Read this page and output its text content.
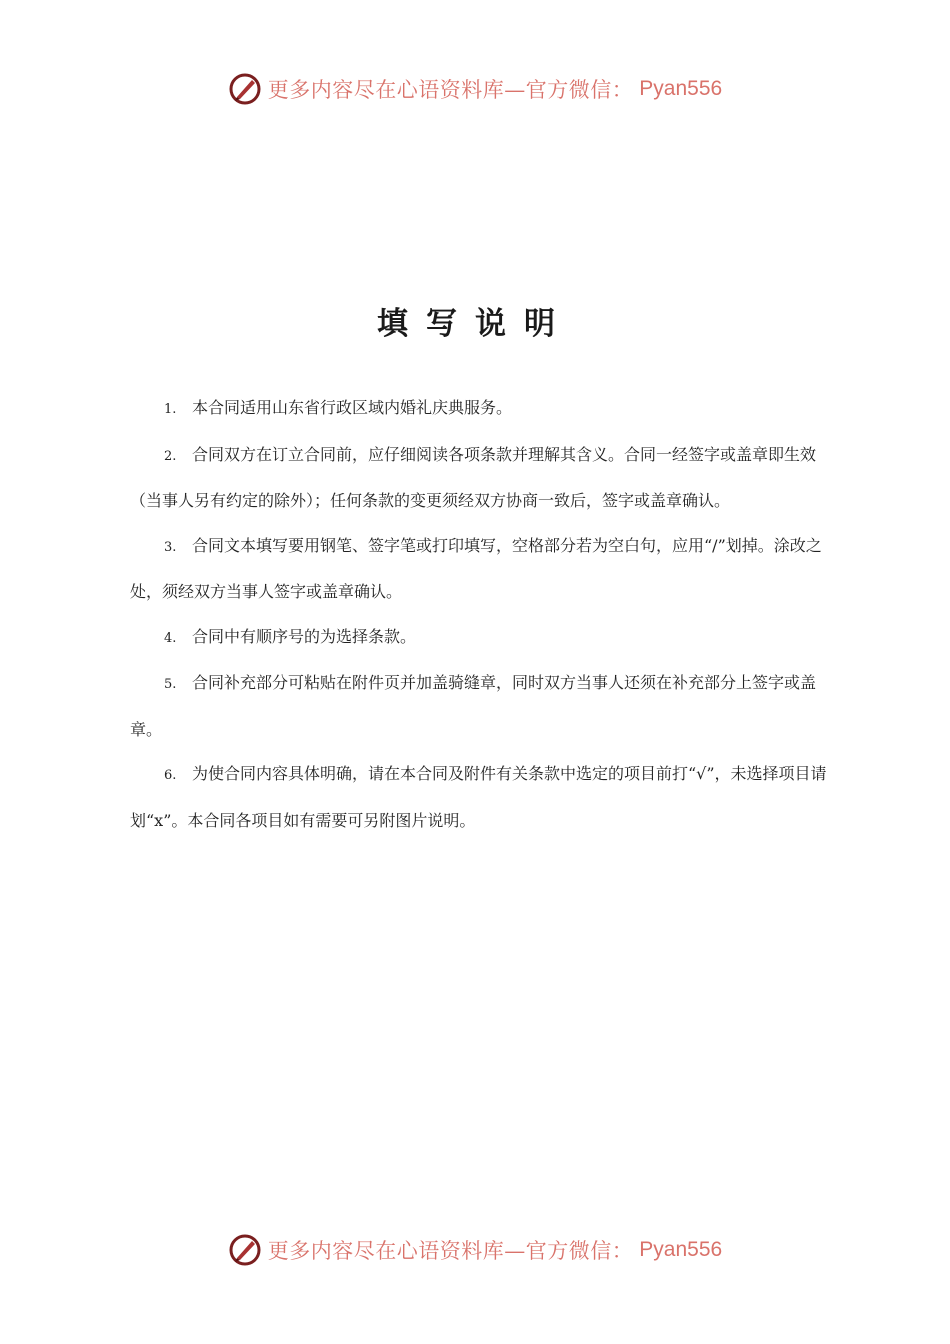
更多内容尽在心语资料库—官方微信： Pyan556
填写说明

1. 本合同适用山东省行政区域内婚礼庆典服务。

2. 合同双方在订立合同前，应仔细阅读各项条款并理解其含义。合同一经签字或盖章即生效（当事人另有约定的除外）；任何条款的变更须经双方协商一致后，签字或盖章确认。

3. 合同文本填写要用钢笔、签字笔或打印填写，空格部分若为空白句，应用“/”划掉。涂改之处，须经双方当事人签字或盖章确认。

4. 合同中有顺序号的为选择条款。

5. 合同补充部分可粘贴在附件页并加盖骑缝章，同时双方当事人还须在补充部分上签字或盖章。

6. 为使合同内容具体明确，请在本合同及附件有关条款中选定的项目前打“√”，未选择项目请划“x”。本合同各项目如有需要可另附图片说明。

更多内容尽在心语资料库—官方微信： Pyan556
